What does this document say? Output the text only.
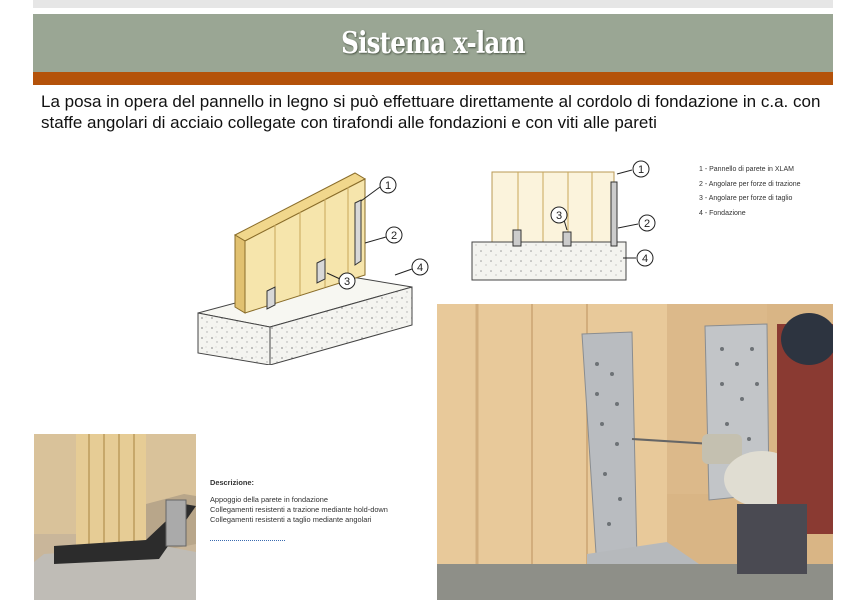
Sistema x-lam
La posa in opera del pannello in legno si può effettuare direttamente al cordolo di fondazione in c.a. con staffe angolari di acciaio collegate con tirafondi alle fondazioni e con viti alle pareti
1
2
3
4
1
2
3
4
1 - Pannello di parete in XLAM
2 - Angolare per forze di trazione
3 - Angolare per forze di taglio
4 - Fondazione
Descrizione:
Appoggio della parete in fondazione
Collegamenti resistenti a trazione mediante hold-down
Collegamenti resistenti a taglio mediante angolari
